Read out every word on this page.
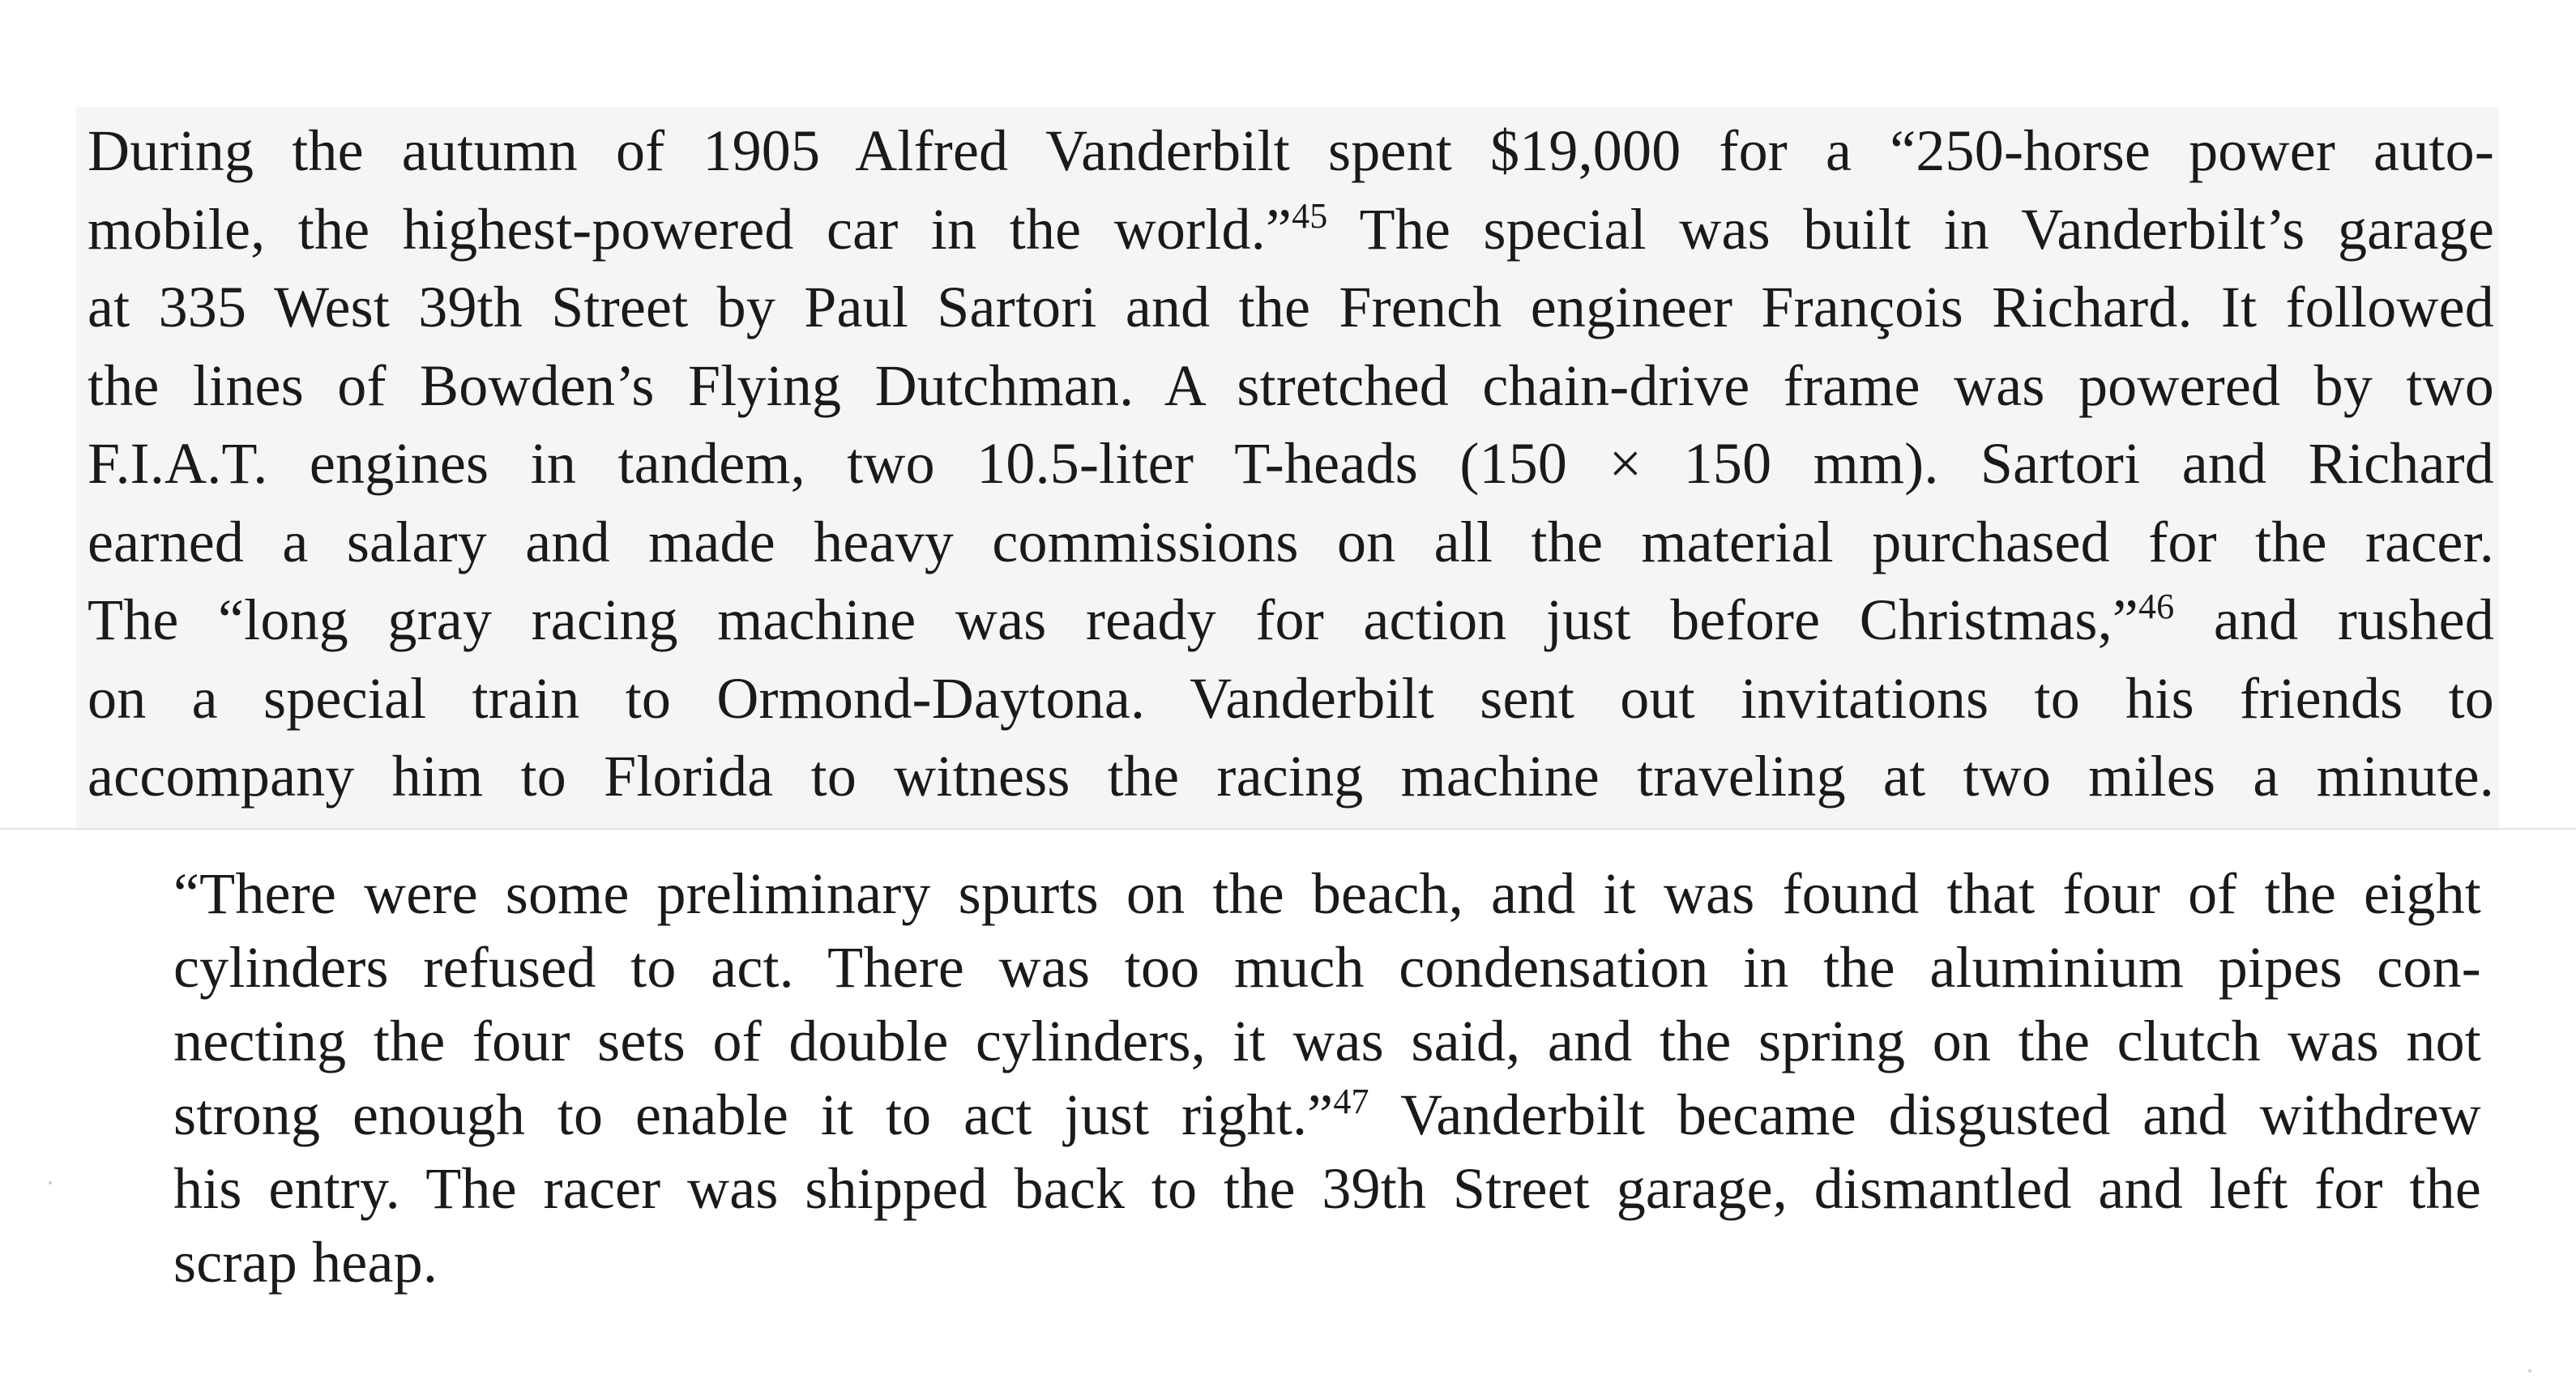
During the autumn of 1905 Alfred Vanderbilt spent $19,000 for a “250-horse power auto-
mobile, the highest-powered car in the world.”$^{45}$ The special was built in Vanderbilt’s garage
at 335 West 39th Street by Paul Sartori and the French engineer François Richard. It followed
the lines of Bowden’s Flying Dutchman. A stretched chain-drive frame was powered by two
F.I.A.T. engines in tandem, two 10.5-liter T-heads (150 × 150 mm). Sartori and Richard
earned a salary and made heavy commissions on all the material purchased for the racer.
The “long gray racing machine was ready for action just before Christmas,”$^{46}$ and rushed
on a special train to Ormond-Daytona. Vanderbilt sent out invitations to his friends to
accompany him to Florida to witness the racing machine traveling at two miles a minute.
“There were some preliminary spurts on the beach, and it was found that four of the eight
cylinders refused to act. There was too much condensation in the aluminium pipes con-
necting the four sets of double cylinders, it was said, and the spring on the clutch was not
strong enough to enable it to act just right.”$^{47}$ Vanderbilt became disgusted and withdrew
his entry. The racer was shipped back to the 39th Street garage, dismantled and left for the
scrap heap.
